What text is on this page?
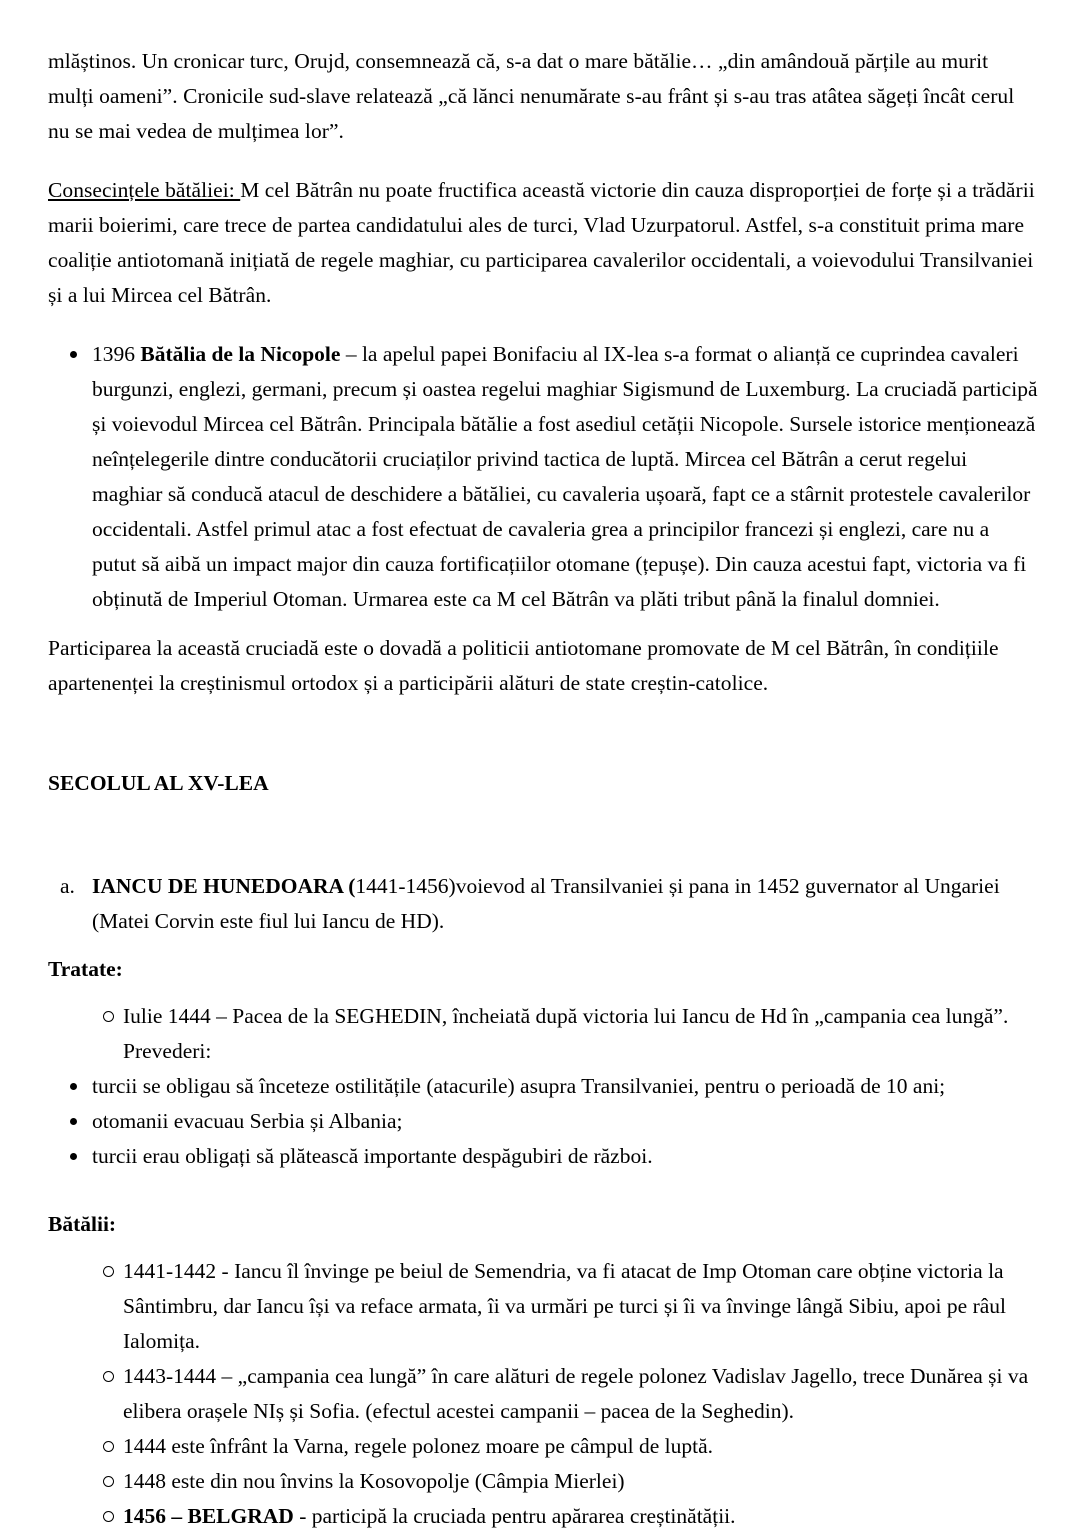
mlăștinos. Un cronicar turc, Orujd, consemnează că, s-a dat o mare bătălie… „din amândouă părțile au murit mulți oameni”. Cronicile sud-slave relatează „că lănci nenumărate s-au frânt și s-au tras atâtea săgeți încât cerul nu se mai vedea de mulțimea lor”.

Consecințele bătăliei: M cel Bătrân nu poate fructifica această victorie din cauza disproporției de forțe și a trădării marii boierimi, care trece de partea candidatului ales de turci, Vlad Uzurpatorul. Astfel, s-a constituit prima mare coaliție antiotomană inițiată de regele maghiar, cu participarea cavalerilor occidentali, a voievodului Transilvaniei și a lui Mircea cel Bătrân.

1396 Bătălia de la Nicopole – la apelul papei Bonifaciu al IX-lea s-a format o alianță ce cuprindea cavaleri burgunzi, englezi, germani, precum și oastea regelui maghiar Sigismund de Luxemburg. La cruciadă participă și voievodul Mircea cel Bătrân. Principala bătălie a fost asediul cetății Nicopole. Sursele istorice menționează neînțelegerile dintre conducătorii cruciaților privind tactica de luptă. Mircea cel Bătrân a cerut regelui maghiar să conducă atacul de deschidere a bătăliei, cu cavaleria ușoară, fapt ce a stârnit protestele cavalerilor occidentali. Astfel primul atac a fost efectuat de cavaleria grea a principilor francezi și englezi, care nu a putut să aibă un impact major din cauza fortificațiilor otomane (țepușe). Din cauza acestui fapt, victoria va fi obținută de Imperiul Otoman. Urmarea este ca M cel Bătrân va plăti tribut până la finalul domniei.

Participarea la această cruciadă este o dovadă a politicii antiotomane promovate de M cel Bătrân, în condițiile apartenenței la creștinismul ortodox și a participării alături de state creștin-catolice.

SECOLUL AL XV-LEA
a. IANCU DE HUNEDOARA (1441-1456)voievod al Transilvaniei și pana in 1452 guvernator al Ungariei (Matei Corvin este fiul lui Iancu de HD).

Tratate:

Iulie 1444 – Pacea de la SEGHEDIN, încheiată după victoria lui Iancu de Hd în „campania cea lungă”. Prevederi:
turcii se obligau să înceteze ostilitățile (atacurile) asupra Transilvaniei, pentru o perioadă de 10 ani;
otomanii evacuau Serbia și Albania;
turcii erau obligați să plătească importante despăgubiri de război.

Bătălii:

1441-1442 - Iancu îl învinge pe beiul de Semendria, va fi atacat de Imp Otoman care obține victoria la Sântimbru, dar Iancu își va reface armata, îi va urmări pe turci și îi va învinge lângă Sibiu, apoi pe râul Ialomița.
1443-1444 – „campania cea lungă” în care alături de regele polonez Vadislav Jagello, trece Dunărea și va elibera orașele NIș și Sofia. (efectul acestei campanii – pacea de la Seghedin).
1444 este înfrânt la Varna, regele polonez moare pe câmpul de luptă.
1448 este din nou învins la Kosovopolje (Câmpia Mierlei)
1456 – BELGRAD - participă la cruciada pentru apărarea creștinătății.
